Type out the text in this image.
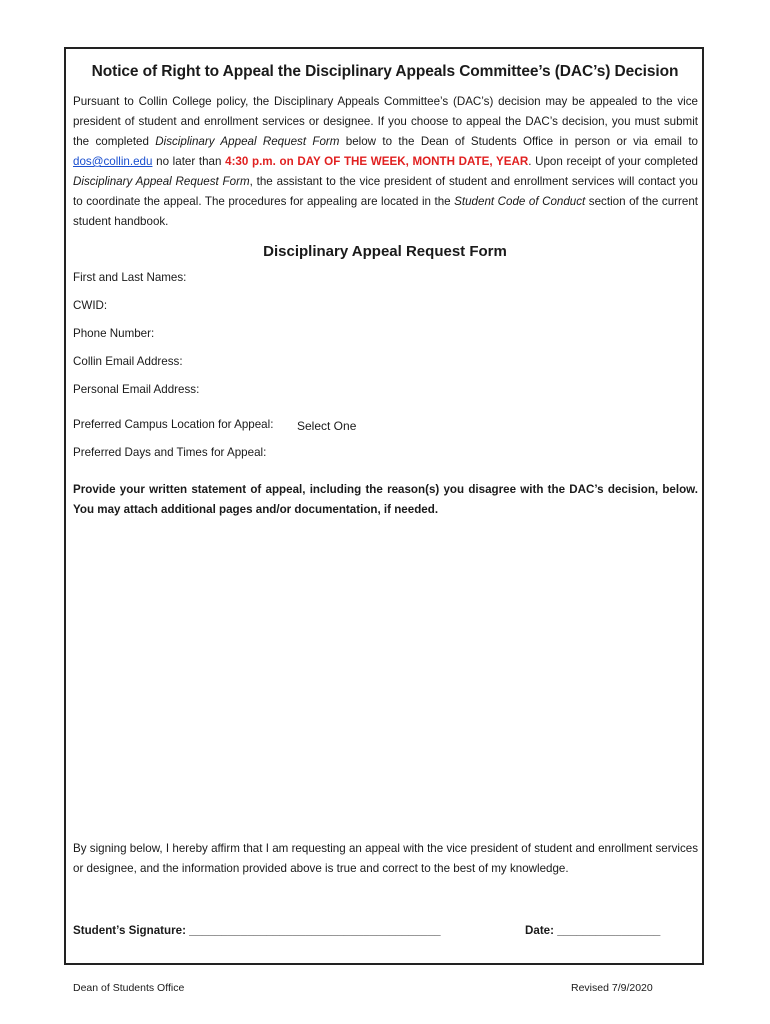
Notice of Right to Appeal the Disciplinary Appeals Committee’s (DAC’s) Decision

Pursuant to Collin College policy, the Disciplinary Appeals Committee’s (DAC’s) decision may be appealed to the vice president of student and enrollment services or designee. If you choose to appeal the DAC’s decision, you must submit the completed Disciplinary Appeal Request Form below to the Dean of Students Office in person or via email to dos@collin.edu no later than 4:30 p.m. on DAY OF THE WEEK, MONTH DATE, YEAR. Upon receipt of your completed Disciplinary Appeal Request Form, the assistant to the vice president of student and enrollment services will contact you to coordinate the appeal. The procedures for appealing are located in the Student Code of Conduct section of the current student handbook.

Disciplinary Appeal Request Form
First and Last Names:
CWID:
Phone Number:
Collin Email Address:
Personal Email Address:
Preferred Campus Location for Appeal: Select One
Preferred Days and Times for Appeal:

Provide your written statement of appeal, including the reason(s) you disagree with the DAC’s decision, below. You may attach additional pages and/or documentation, if needed.

By signing below, I hereby affirm that I am requesting an appeal with the vice president of student and enrollment services or designee, and the information provided above is true and correct to the best of my knowledge.

Student’s Signature: _______________________________________	Date: ________________
Dean of Students Office	Revised 7/9/2020
